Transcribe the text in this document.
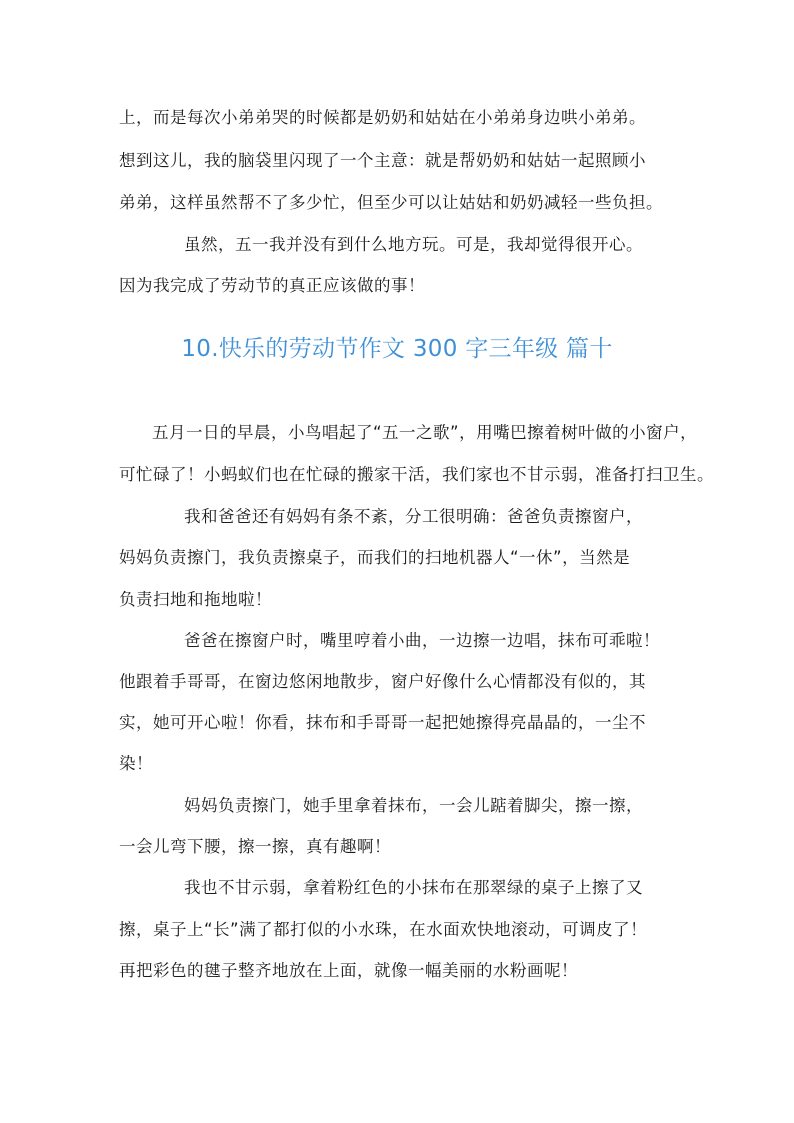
上，而是每次小弟弟哭的时候都是奶奶和姑姑在小弟弟身边哄小弟弟。
想到这儿，我的脑袋里闪现了一个主意：就是帮奶奶和姑姑一起照顾小
弟弟，这样虽然帮不了多少忙，但至少可以让姑姑和奶奶减轻一些负担。
虽然，五一我并没有到什么地方玩。可是，我却觉得很开心。
因为我完成了劳动节的真正应该做的事！
10.快乐的劳动节作文 300 字三年级 篇十
五月一日的早晨，小鸟唱起了“五一之歌”，用嘴巴擦着树叶做的小窗户，
可忙碌了！小蚂蚁们也在忙碌的搬家干活，我们家也不甘示弱，准备打扫卫生。
我和爸爸还有妈妈有条不紊，分工很明确：爸爸负责擦窗户，
妈妈负责擦门，我负责擦桌子，而我们的扫地机器人“一休”，当然是
负责扫地和拖地啦！
爸爸在擦窗户时，嘴里哼着小曲，一边擦一边唱，抹布可乖啦！
他跟着手哥哥，在窗边悠闲地散步，窗户好像什么心情都没有似的，其
实，她可开心啦！你看，抹布和手哥哥一起把她擦得亮晶晶的，一尘不
染！
妈妈负责擦门，她手里拿着抹布，一会儿踮着脚尖，擦一擦，
一会儿弯下腰，擦一擦，真有趣啊！
我也不甘示弱，拿着粉红色的小抹布在那翠绿的桌子上擦了又
擦，桌子上“长”满了都打似的小水珠，在水面欢快地滚动，可调皮了！
再把彩色的毽子整齐地放在上面，就像一幅美丽的水粉画呢！
